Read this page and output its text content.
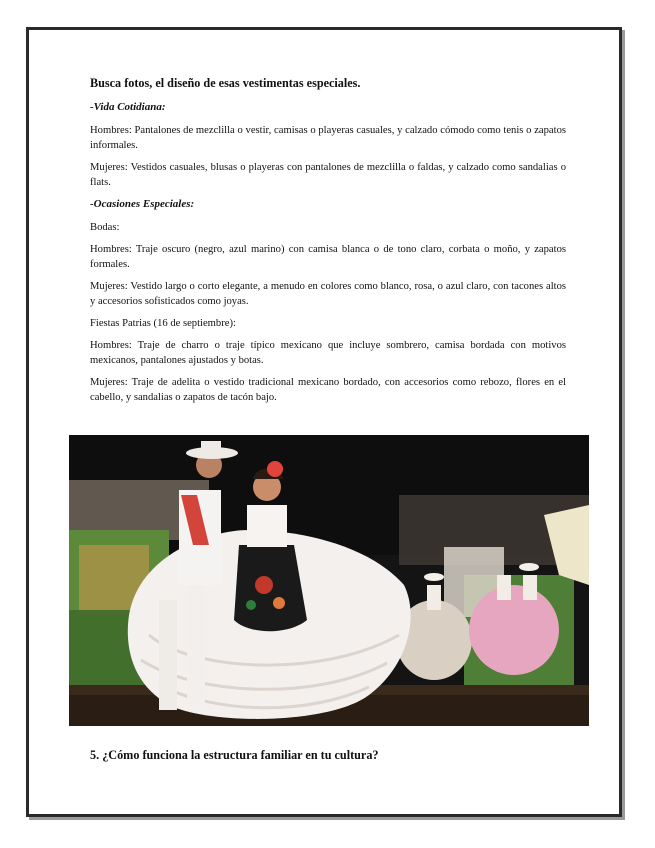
Busca fotos, el diseño de esas vestimentas especiales.
-Vida Cotidiana:

Hombres: Pantalones de mezclilla o vestir, camisas o playeras casuales, y calzado cómodo como tenis o zapatos informales.

Mujeres: Vestidos casuales, blusas o playeras con pantalones de mezclilla o faldas, y calzado como sandalias o flats.

-Ocasiones Especiales:

Bodas:

Hombres: Traje oscuro (negro, azul marino) con camisa blanca o de tono claro, corbata o moño, y zapatos formales.

Mujeres: Vestido largo o corto elegante, a menudo en colores como blanco, rosa, o azul claro, con tacones altos y accesorios sofisticados como joyas.

Fiestas Patrias (16 de septiembre):

Hombres: Traje de charro o traje típico mexicano que incluye sombrero, camisa bordada con motivos mexicanos, pantalones ajustados y botas.

Mujeres: Traje de adelita o vestido tradicional mexicano bordado, con accesorios como rebozo, flores en el cabello, y sandalias o zapatos de tacón bajo.

5. ¿Cómo funciona la estructura familiar en tu cultura?
